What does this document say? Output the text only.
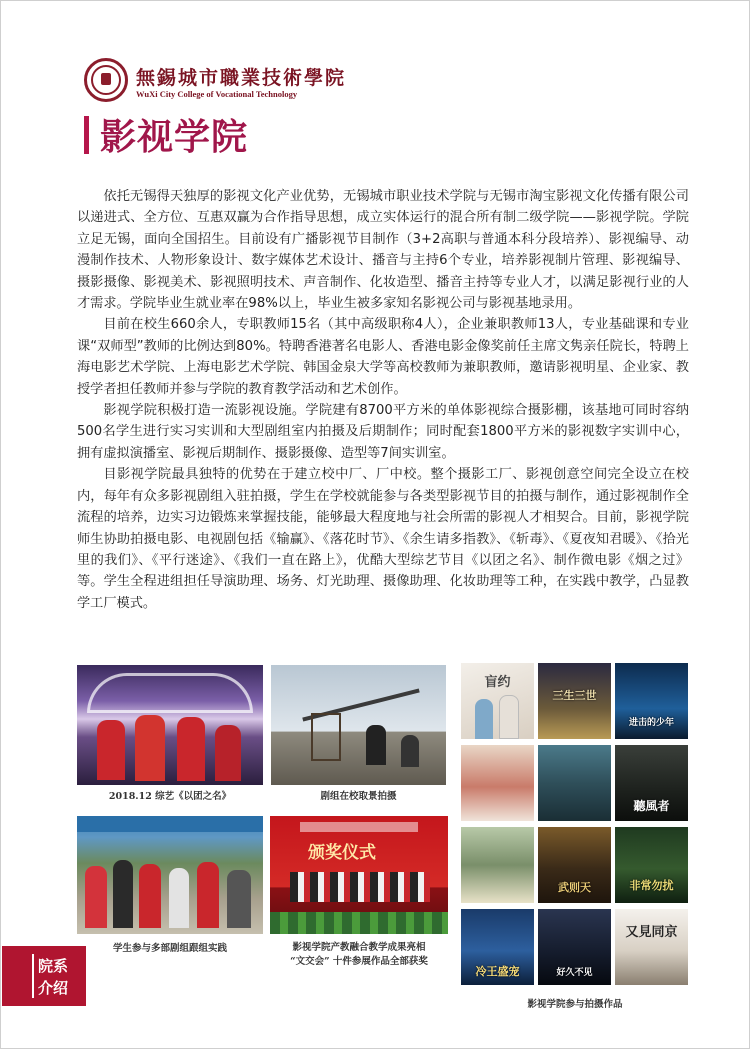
無錫城市職業技術學院
WuXi City College of Vocational Technology
影视学院

依托无锡得天独厚的影视文化产业优势，无锡城市职业技术学院与无锡市淘宝影视文化传播有限公司以递进式、全方位、互惠双赢为合作指导思想，成立实体运行的混合所有制二级学院——影视学院。学院立足无锡，面向全国招生。目前设有广播影视节目制作（3+2高职与普通本科分段培养）、影视编导、动漫制作技术、人物形象设计、数字媒体艺术设计、播音与主持6个专业，培养影视制片管理、影视编导、摄影摄像、影视美术、影视照明技术、声音制作、化妆造型、播音主持等专业人才，以满足影视行业的人才需求。学院毕业生就业率在98%以上，毕业生被多家知名影视公司与影视基地录用。

目前在校生660余人，专职教师15名（其中高级职称4人），企业兼职教师13人，专业基础课和专业课“双师型”教师的比例达到80%。特聘香港著名电影人、香港电影金像奖前任主席文隽亲任院长，特聘上海电影艺术学院、上海电影艺术学院、韩国金泉大学等高校教师为兼职教师，邀请影视明星、企业家、教授学者担任教师并参与学院的教育教学活动和艺术创作。

影视学院积极打造一流影视设施。学院建有8700平方米的单体影视综合摄影棚，该基地可同时容纳500名学生进行实习实训和大型剧组室内拍摄及后期制作；同时配套1800平方米的影视数字实训中心，拥有虚拟演播室、影视后期制作、摄影摄像、造型等7间实训室。

目影视学院最具独特的优势在于建立校中厂、厂中校。整个摄影工厂、影视创意空间完全设立在校内，每年有众多影视剧组入驻拍摄，学生在学校就能参与各类型影视节目的拍摄与制作，通过影视制作全流程的培养，边实习边锻炼来掌握技能，能够最大程度地与社会所需的影视人才相契合。目前，影视学院师生协助拍摄电影、电视剧包括《输赢》、《落花时节》、《余生请多指教》、《斩毒》、《夏夜知君暖》、《拾光里的我们》、《平行迷途》、《我们一直在路上》，优酷大型综艺节目《以团之名》、制作微电影《烟之过》等。学生全程进组担任导演助理、场务、灯光助理、摄像助理、化妆助理等工种，在实践中教学，凸显教学工厂模式。

2018.12 综艺《以团之名》	剧组在校取景拍摄
学生参与多部剧组跟组实践
颁奖仪式
影视学院产教融合教学成果亮相
“文交会” 十件参展作品全部获奖
盲约
三生三世
进击的少年
聽風者
武则天	非常勿扰
冷王盛宠	好久不见
又見同京
影视学院参与拍摄作品
院系
介绍
